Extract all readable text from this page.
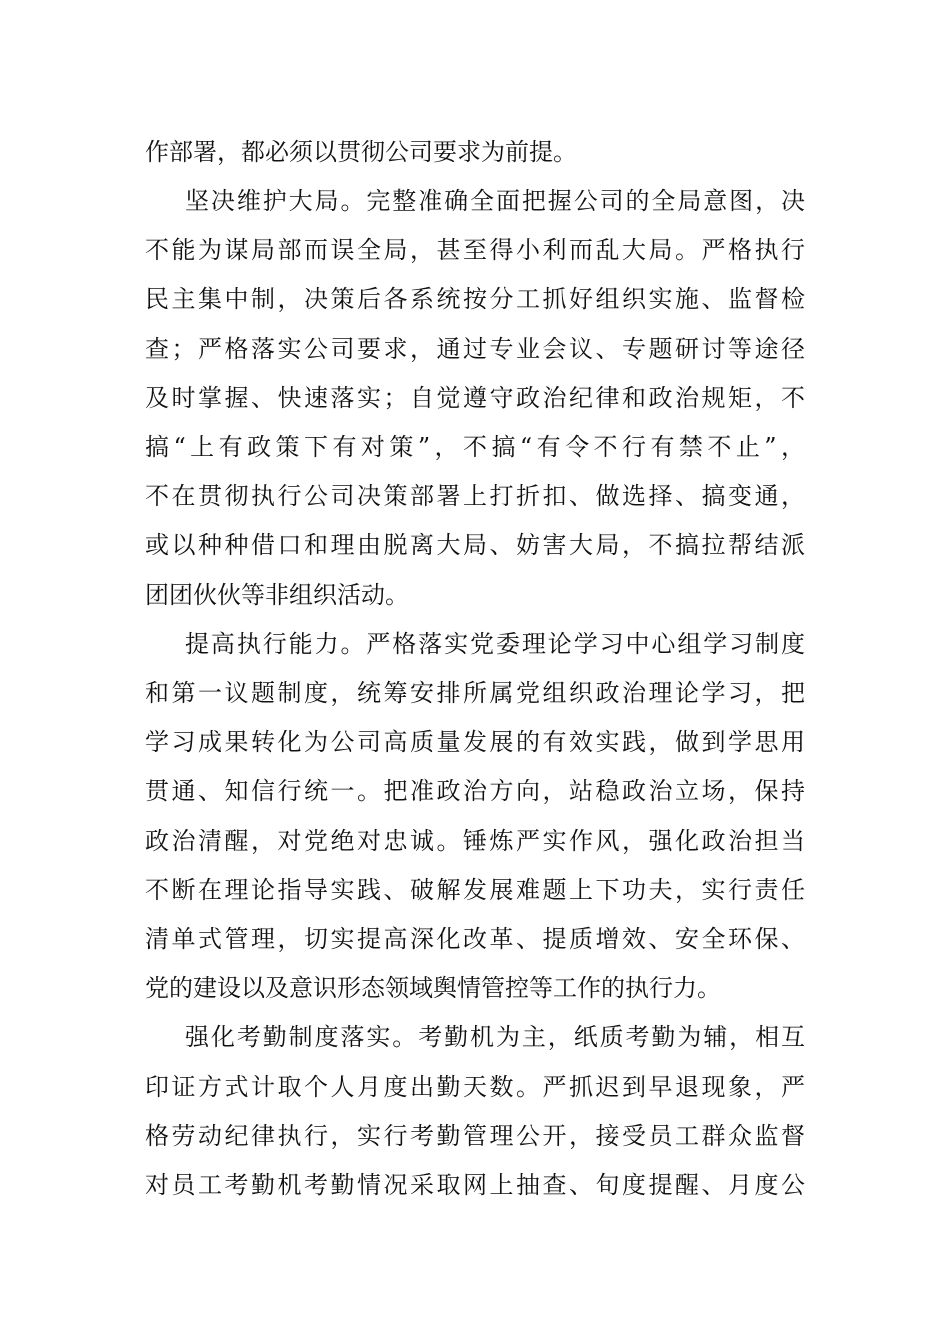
作部署，都必须以贯彻公司要求为前提。
坚决维护大局。完整准确全面把握公司的全局意图，决
不能为谋局部而误全局，甚至得小利而乱大局。严格执行
民主集中制，决策后各系统按分工抓好组织实施、监督检
查；严格落实公司要求，通过专业会议、专题研讨等途径
及时掌握、快速落实；自觉遵守政治纪律和政治规矩，不
搞“上有政策下有对策”，不搞“有令不行有禁不止”，
不在贯彻执行公司决策部署上打折扣、做选择、搞变通，
或以种种借口和理由脱离大局、妨害大局，不搞拉帮结派
团团伙伙等非组织活动。
提高执行能力。严格落实党委理论学习中心组学习制度
和第一议题制度，统筹安排所属党组织政治理论学习，把
学习成果转化为公司高质量发展的有效实践，做到学思用
贯通、知信行统一。把准政治方向，站稳政治立场，保持
政治清醒，对党绝对忠诚。锤炼严实作风，强化政治担当
不断在理论指导实践、破解发展难题上下功夫，实行责任
清单式管理，切实提高深化改革、提质增效、安全环保、
党的建设以及意识形态领域舆情管控等工作的执行力。
强化考勤制度落实。考勤机为主，纸质考勤为辅，相互
印证方式计取个人月度出勤天数。严抓迟到早退现象，严
格劳动纪律执行，实行考勤管理公开，接受员工群众监督
对员工考勤机考勤情况采取网上抽查、旬度提醒、月度公
